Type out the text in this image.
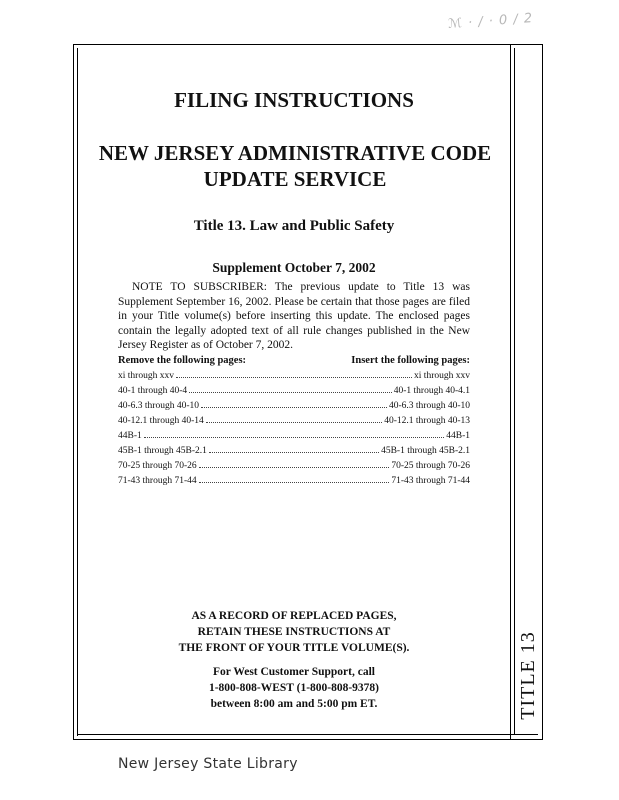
ℳ · / · 0 / 2
TITLE 13
FILING INSTRUCTIONS
NEW JERSEY ADMINISTRATIVE CODE
UPDATE SERVICE
Title 13. Law and Public Safety
Supplement October 7, 2002

NOTE TO SUBSCRIBER: The previous update to Title 13 was Supplement September 16, 2002. Please be certain that those pages are filed in your Title volume(s) before inserting this update. The enclosed pages contain the legally adopted text of all rule changes published in the New Jersey Register as of October 7, 2002.

Remove the following pages:	Insert the following pages:
xi through xxv	xi through xxv
40-1 through 40-4	40-1 through 40-4.1
40-6.3 through 40-10	40-6.3 through 40-10
40-12.1 through 40-14	40-12.1 through 40-13
44B-1	44B-1
45B-1 through 45B-2.1	45B-1 through 45B-2.1
70-25 through 70-26	70-25 through 70-26
71-43 through 71-44	71-43 through 71-44
AS A RECORD OF REPLACED PAGES,
RETAIN THESE INSTRUCTIONS AT
THE FRONT OF YOUR TITLE VOLUME(S).
For West Customer Support, call
1-800-808-WEST (1-800-808-9378)
between 8:00 am and 5:00 pm ET.
New Jersey State Library
